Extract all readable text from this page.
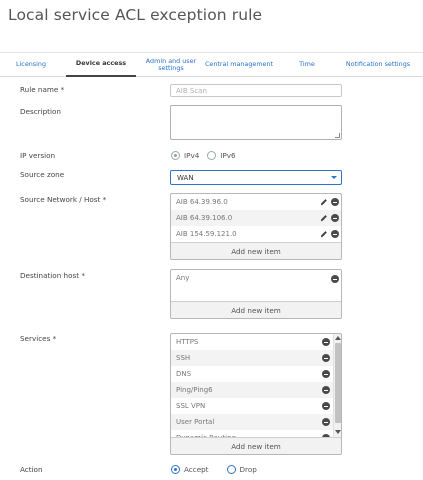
Local service ACL exception rule
Licensing	Device access	Admin and user settings	Central management	Time	Notification settings
Rule name *	AIB Scan
Description
IP version	IPv4	IPv6
Source zone	WAN
Source Network / Host *	AIB 64.39.96.0
AIB 64.39.106.0
AIB 154.59.121.0
Add new item
Destination host *	Any
Add new item
Services *	HTTPS
SSH
DNS
Ping/Ping6
SSL VPN
User Portal
Add new item
Action	Accept	Drop
